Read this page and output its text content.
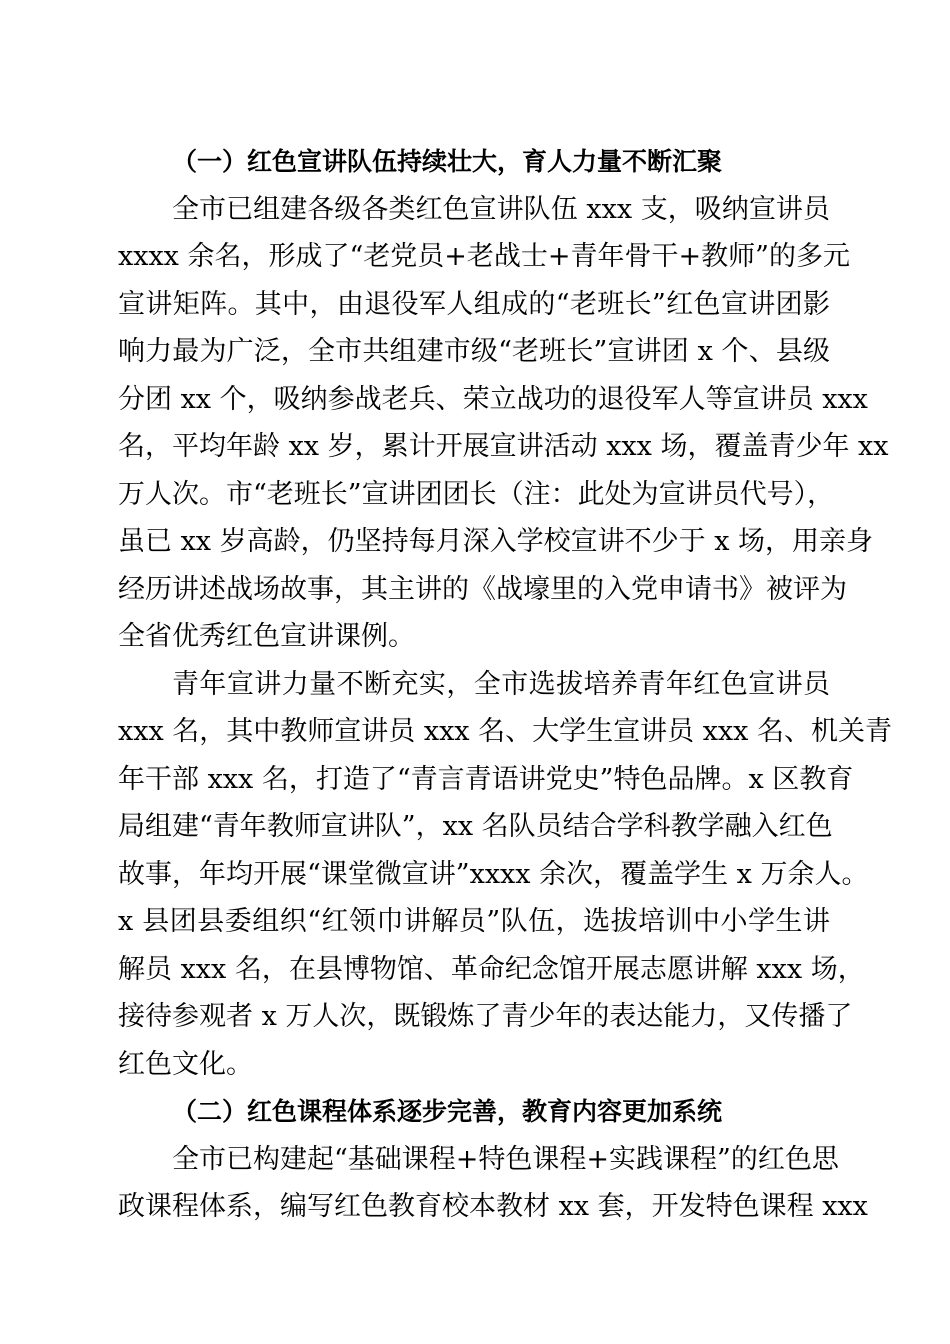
（一）红色宣讲队伍持续壮大，育人力量不断汇聚
全市已组建各级各类红色宣讲队伍 xxx 支，吸纳宣讲员
xxxx 余名，形成了“老党员+老战士+青年骨干+教师”的多元
宣讲矩阵。其中，由退役军人组成的“老班长”红色宣讲团影
响力最为广泛，全市共组建市级“老班长”宣讲团 x 个、县级
分团 xx 个，吸纳参战老兵、荣立战功的退役军人等宣讲员 xxx
名，平均年龄 xx 岁，累计开展宣讲活动 xxx 场，覆盖青少年 xx
万人次。市“老班长”宣讲团团长（注：此处为宣讲员代号），
虽已 xx 岁高龄，仍坚持每月深入学校宣讲不少于 x 场，用亲身
经历讲述战场故事，其主讲的《战壕里的入党申请书》被评为
全省优秀红色宣讲课例。
青年宣讲力量不断充实，全市选拔培养青年红色宣讲员
xxx 名，其中教师宣讲员 xxx 名、大学生宣讲员 xxx 名、机关青
年干部 xxx 名，打造了“青言青语讲党史”特色品牌。x 区教育
局组建“青年教师宣讲队”，xx 名队员结合学科教学融入红色
故事，年均开展“课堂微宣讲”xxxx 余次，覆盖学生 x 万余人。
x 县团县委组织“红领巾讲解员”队伍，选拔培训中小学生讲
解员 xxx 名，在县博物馆、革命纪念馆开展志愿讲解 xxx 场，
接待参观者 x 万人次，既锻炼了青少年的表达能力，又传播了
红色文化。
（二）红色课程体系逐步完善，教育内容更加系统
全市已构建起“基础课程+特色课程+实践课程”的红色思
政课程体系，编写红色教育校本教材 xx 套，开发特色课程 xxx
